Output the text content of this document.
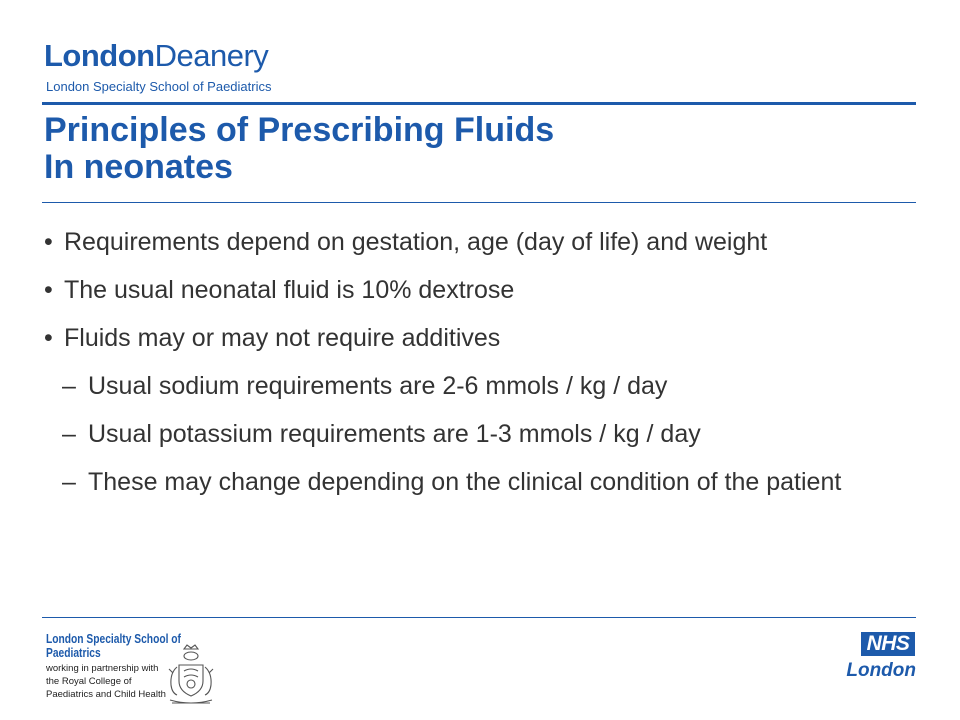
LondonDeanery
London Specialty School of Paediatrics
Principles of Prescribing Fluids
In neonates
• Requirements depend on gestation, age (day of life) and weight
• The usual neonatal fluid is 10% dextrose
• Fluids may or may not require additives
– Usual sodium requirements are 2-6 mmols / kg / day
– Usual potassium requirements are 1-3 mmols / kg / day
– These may change depending on the clinical condition of the patient
London Specialty School of
Paediatrics
working in partnership with
the Royal College of
Paediatrics and Child Health
NHS
London
